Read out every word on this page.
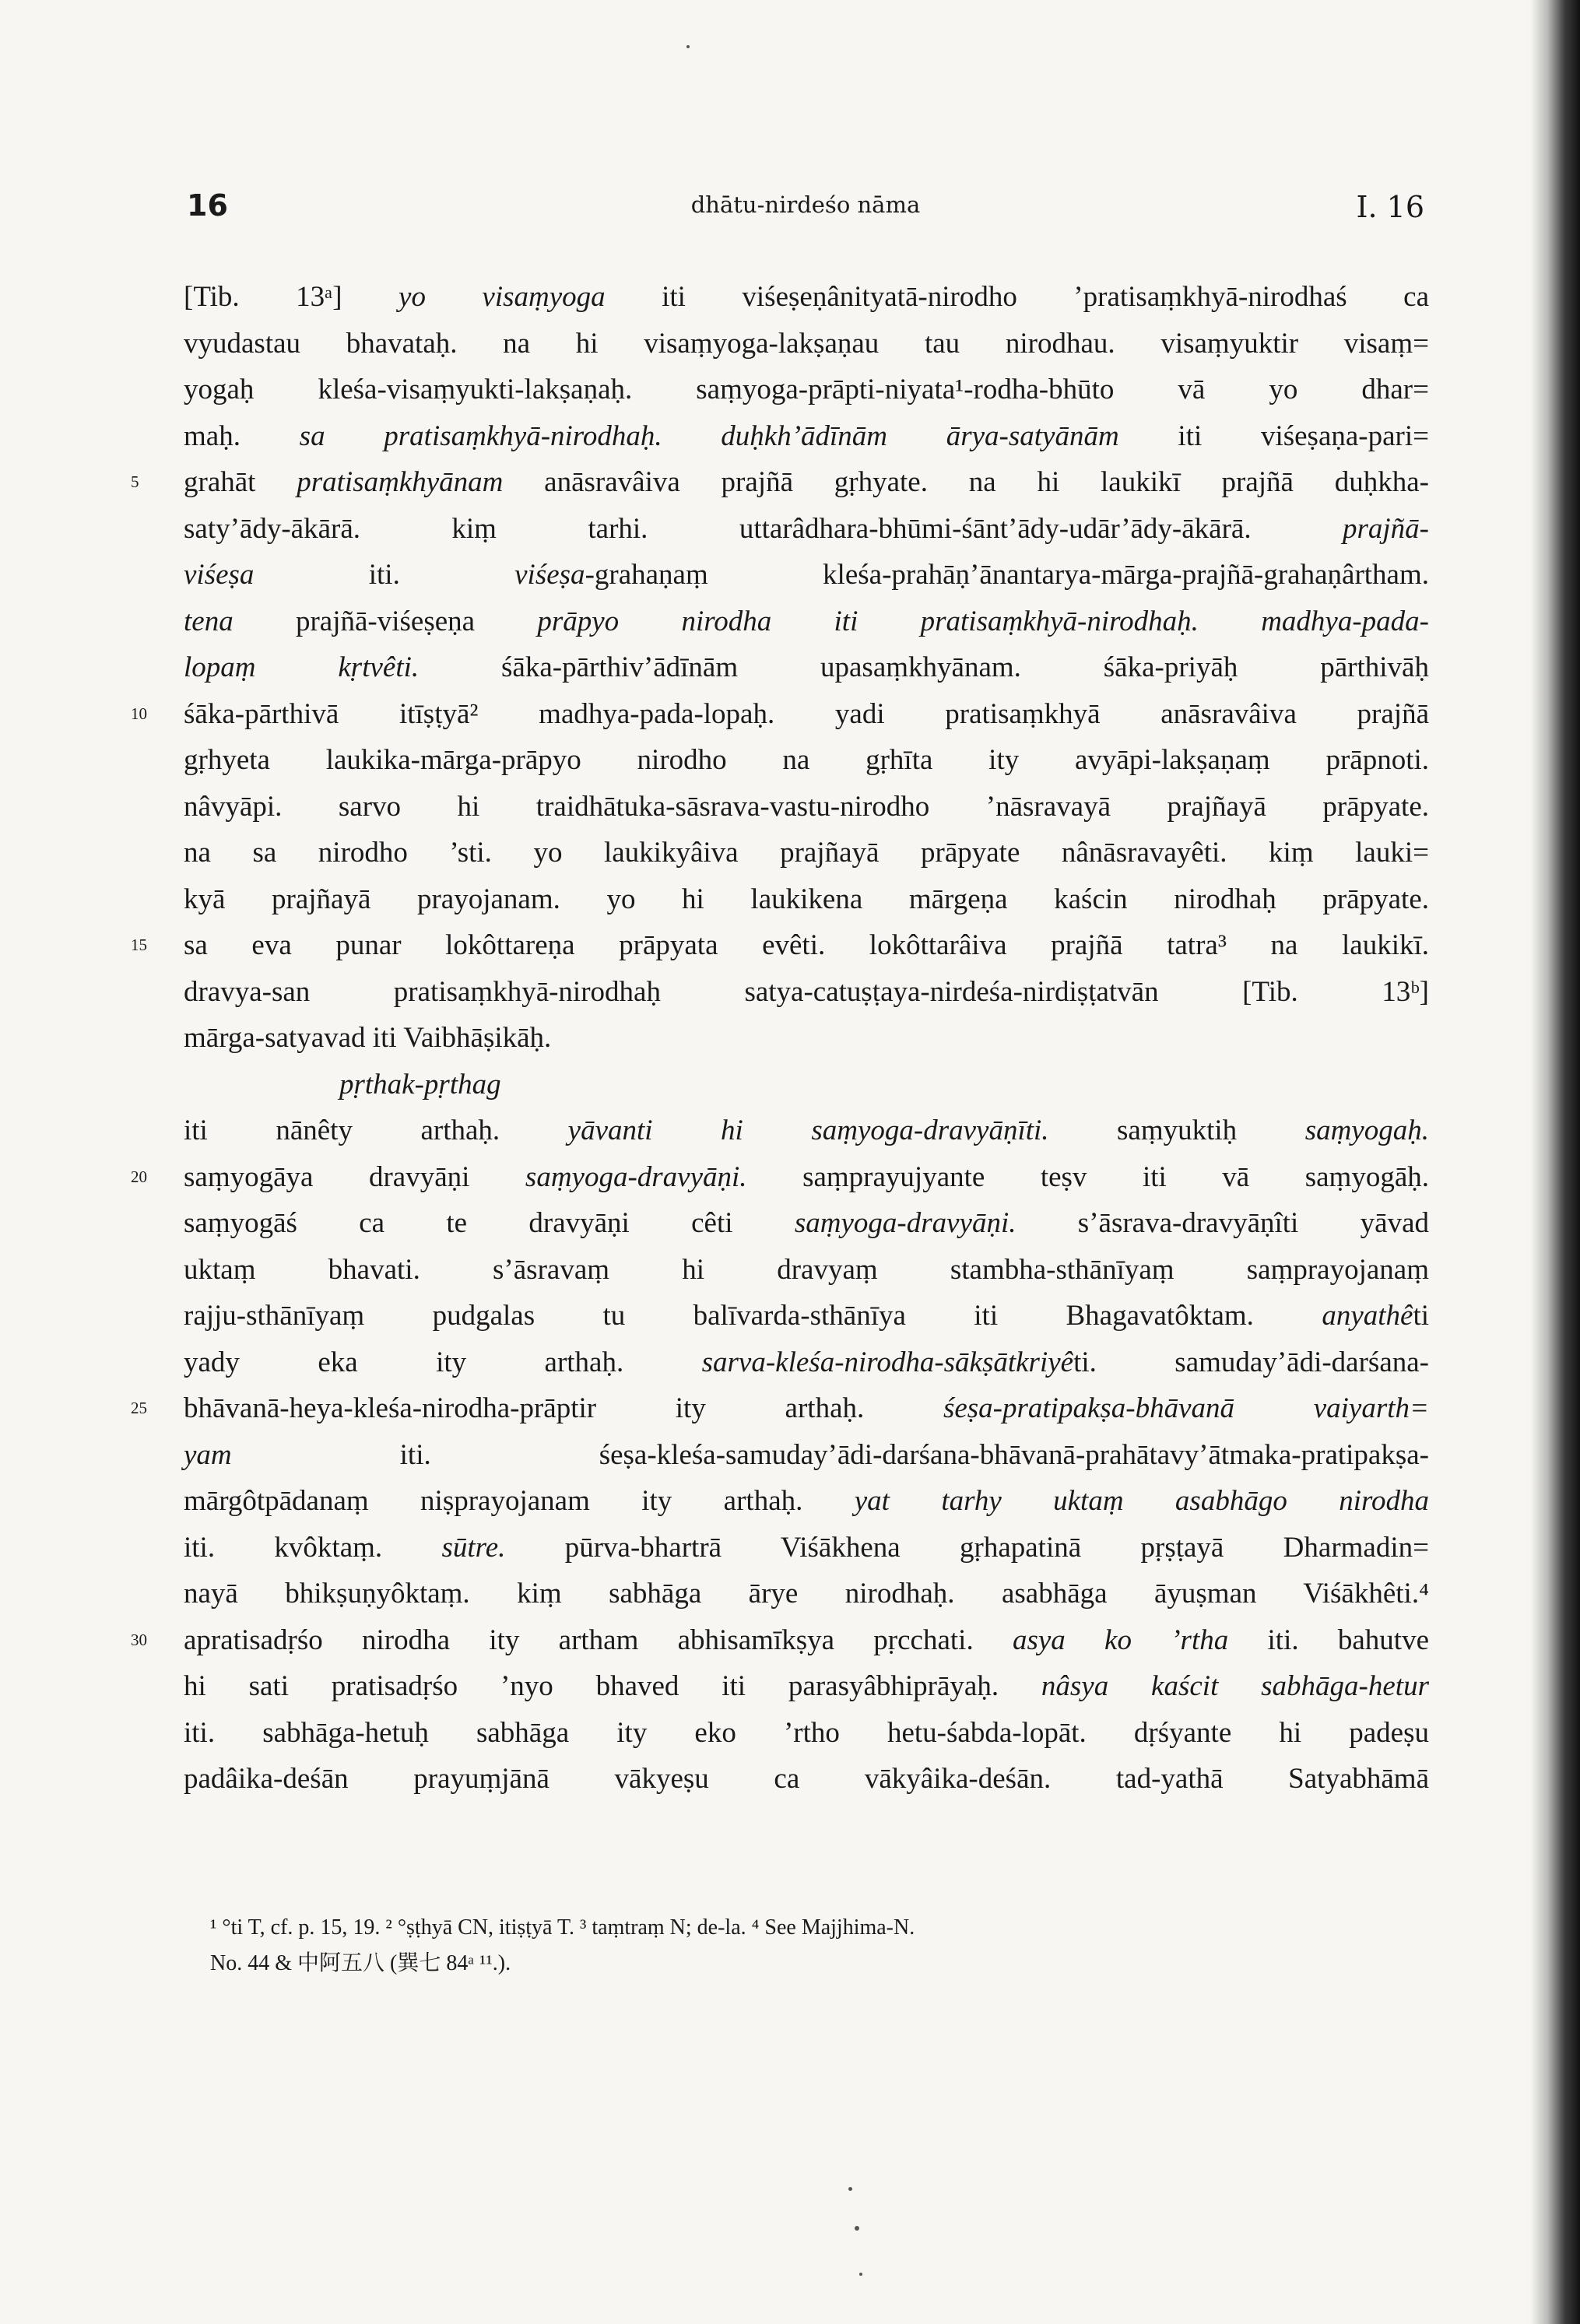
16	dhātu-nirdeśo nāma	I. 16
[Tib. 13ᵃ] yo visaṃyoga iti viśeṣeṇânityatā-nirodho ’pratisaṃkhyā-nirodhaś ca
vyudastau bhavataḥ. na hi visaṃyoga-lakṣaṇau tau nirodhau. visaṃyuktir visaṃ=
yogaḥ kleśa-visaṃyukti-lakṣaṇaḥ. saṃyoga-prāpti-niyata¹-rodha-bhūto vā yo dhar=
maḥ. sa pratisaṃkhyā-nirodhaḥ. duḥkh’ādīnām ārya-satyānām iti viśeṣaṇa-pari=
5	grahāt pratisaṃkhyānam anāsravâiva prajñā gṛhyate. na hi laukikī prajñā duḥkha-
saty’ādy-ākārā. kiṃ tarhi. uttarâdhara-bhūmi-śānt’ādy-udār’ādy-ākārā. prajñā-
viśeṣa iti. viśeṣa-grahaṇaṃ kleśa-prahāṇ’ānantarya-mārga-prajñā-grahaṇârtham.
tena prajñā-viśeṣeṇa prāpyo nirodha iti pratisaṃkhyā-nirodhaḥ. madhya-pada-
lopaṃ kṛtvêti. śāka-pārthiv’ādīnām upasaṃkhyānam. śāka-priyāḥ pārthivāḥ
10	śāka-pārthivā itīṣṭyā² madhya-pada-lopaḥ. yadi pratisaṃkhyā anāsravâiva prajñā
gṛhyeta laukika-mārga-prāpyo nirodho na gṛhīta ity avyāpi-lakṣaṇaṃ prāpnoti.
nâvyāpi. sarvo hi traidhātuka-sāsrava-vastu-nirodho ’nāsravayā prajñayā prāpyate.
na sa nirodho ’sti. yo laukikyâiva prajñayā prāpyate nânāsravayêti. kiṃ lauki=
kyā prajñayā prayojanam. yo hi laukikena mārgeṇa kaścin nirodhaḥ prāpyate.
15	sa eva punar lokôttareṇa prāpyata evêti. lokôttarâiva prajñā tatra³ na laukikī.
dravya-san pratisaṃkhyā-nirodhaḥ satya-catuṣṭaya-nirdeśa-nirdiṣṭatvān [Tib. 13ᵇ]
mārga-satyavad iti Vaibhāṣikāḥ.
pṛthak-pṛthag
iti nānêty arthaḥ. yāvanti hi saṃyoga-dravyāṇīti. saṃyuktiḥ saṃyogaḥ.
20	saṃyogāya dravyāṇi saṃyoga-dravyāṇi. saṃprayujyante teṣv iti vā saṃyogāḥ.
saṃyogāś ca te dravyāṇi cêti saṃyoga-dravyāṇi. s’āsrava-dravyāṇîti yāvad
uktaṃ bhavati. s’āsravaṃ hi dravyaṃ stambha-sthānīyaṃ saṃprayojanaṃ
rajju-sthānīyaṃ pudgalas tu balīvarda-sthānīya iti Bhagavatôktam. anyathêti
yady eka ity arthaḥ. sarva-kleśa-nirodha-sākṣātkriyêti. samuday’ādi-darśana-
25	bhāvanā-heya-kleśa-nirodha-prāptir ity arthaḥ. śeṣa-pratipakṣa-bhāvanā vaiyarth=
yam iti. śeṣa-kleśa-samuday’ādi-darśana-bhāvanā-prahātavy’ātmaka-pratipakṣa-
mārgôtpādanaṃ niṣprayojanam ity arthaḥ. yat tarhy uktaṃ asabhāgo nirodha
iti. kvôktaṃ. sūtre. pūrva-bhartrā Viśākhena gṛhapatinā pṛṣṭayā Dharmadin=
nayā bhikṣuṇyôktaṃ. kiṃ sabhāga ārye nirodhaḥ. asabhāga āyuṣman Viśākhêti.⁴
30	apratisadṛśo nirodha ity artham abhisamīkṣya pṛcchati. asya ko ’rtha iti. bahutve
hi sati pratisadṛśo ’nyo bhaved iti parasyâbhiprāyaḥ. nâsya kaścit sabhāga-hetur
iti. sabhāga-hetuḥ sabhāga ity eko ’rtho hetu-śabda-lopāt. dṛśyante hi padeṣu
padâika-deśān prayuṃjānā vākyeṣu ca vākyâika-deśān. tad-yathā Satyabhāmā
¹ °ti T, cf. p. 15, 19. ² °ṣṭhyā CN, itiṣṭyā T. ³ taṃtraṃ N; de-la. ⁴ See Majjhima-N.
No. 44 & 中阿五八 (巽七 84ᵃ ¹¹.).
